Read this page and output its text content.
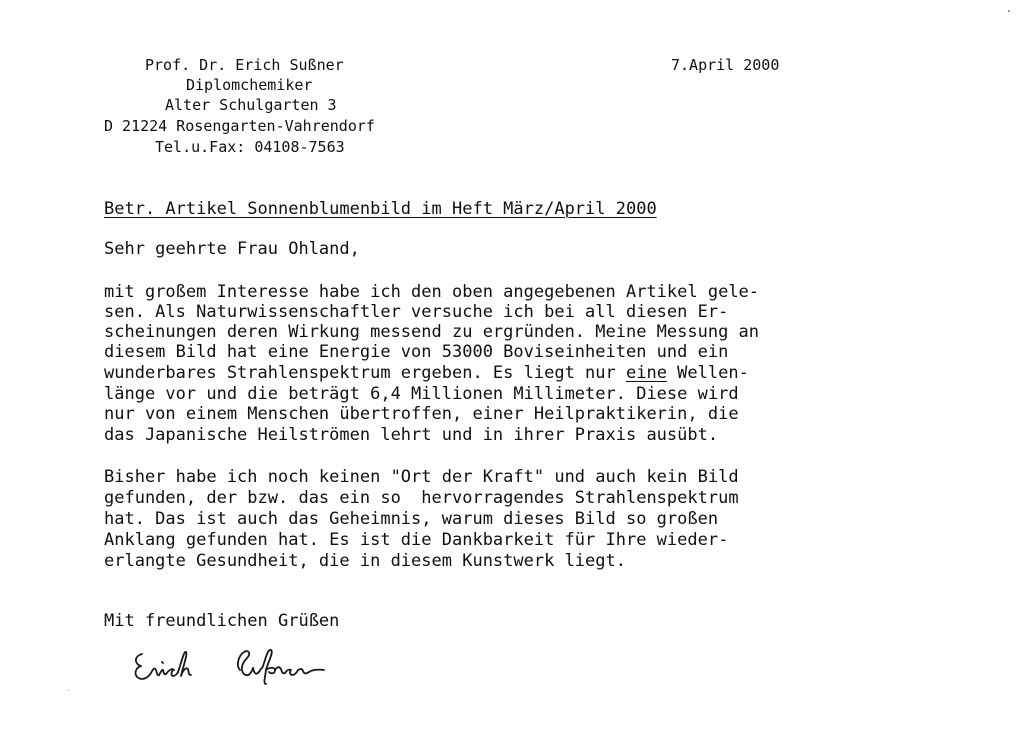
Prof. Dr. Erich Sußner
Diplomchemiker
Alter Schulgarten 3
D 21224 Rosengarten-Vahrendorf
Tel.u.Fax: 04108-7563
7.April 2000
Betr. Artikel Sonnenblumenbild im Heft März/April 2000
Sehr geehrte Frau Ohland,
mit großem Interesse habe ich den oben angegebenen Artikel gele-
sen. Als Naturwissenschaftler versuche ich bei all diesen Er-
scheinungen deren Wirkung messend zu ergründen. Meine Messung an
diesem Bild hat eine Energie von 53000 Boviseinheiten und ein
wunderbares Strahlenspektrum ergeben. Es liegt nur eine Wellen-
länge vor und die beträgt 6,4 Millionen Millimeter. Diese wird
nur von einem Menschen übertroffen, einer Heilpraktikerin, die
das Japanische Heilströmen lehrt und in ihrer Praxis ausübt.
Bisher habe ich noch keinen "Ort der Kraft" und auch kein Bild
gefunden, der bzw. das ein so  hervorragendes Strahlenspektrum
hat. Das ist auch das Geheimnis, warum dieses Bild so großen
Anklang gefunden hat. Es ist die Dankbarkeit für Ihre wieder-
erlangte Gesundheit, die in diesem Kunstwerk liegt.
Mit freundlichen Grüßen
